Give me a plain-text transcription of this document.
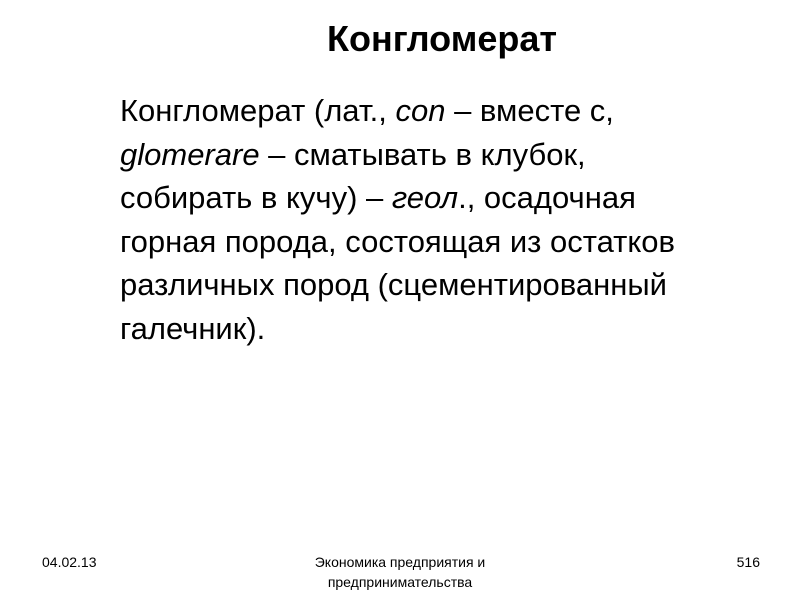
Конгломерат
Конгломерат (лат., con – вместе с,
glomerare – сматывать в клубок,
собирать в кучу) – геол., осадочная
горная порода, состоящая из остатков
различных пород (сцементированный
галечник).
04.02.13	Экономика предприятия и
предпринимательства
516
